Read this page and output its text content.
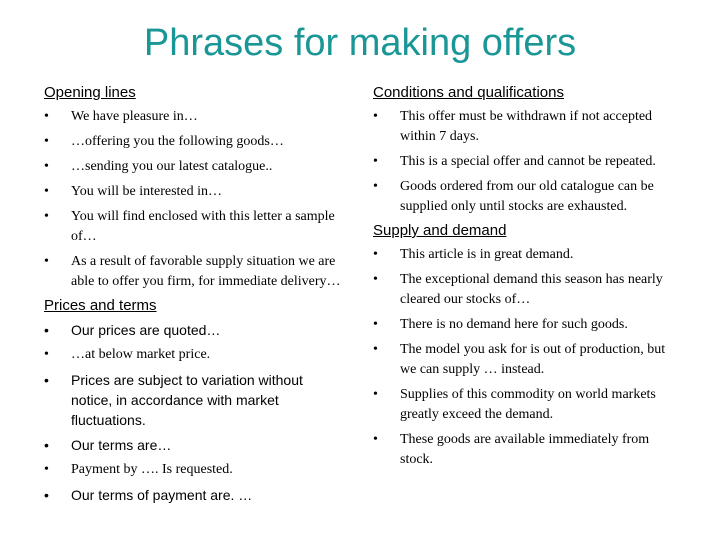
Phrases for making offers
Opening lines
• We have pleasure in…
• …offering you the following goods…
• …sending you our latest catalogue..
• You will be interested in…
• You will find enclosed with this letter a sample of…
• As a result of favorable supply situation we are able to offer you firm, for immediate delivery…
Prices and terms
• Our prices are quoted…
• …at below market price.
• Prices are subject to variation without notice, in accordance with market fluctuations.
• Our terms are…
• Payment by …. Is requested.
• Our terms of payment are. …
Conditions and qualifications
• This offer must be withdrawn if not accepted within 7 days.
• This is a special offer and cannot be repeated.
• Goods ordered from our old catalogue can be supplied only until stocks are exhausted.
Supply and demand
• This article is in great demand.
• The exceptional demand this season has nearly cleared our stocks of…
• There is no demand here for such goods.
• The model you ask for is out of production, but we can supply … instead.
• Supplies of this commodity on world markets greatly exceed the demand.
• These goods are available immediately from stock.
